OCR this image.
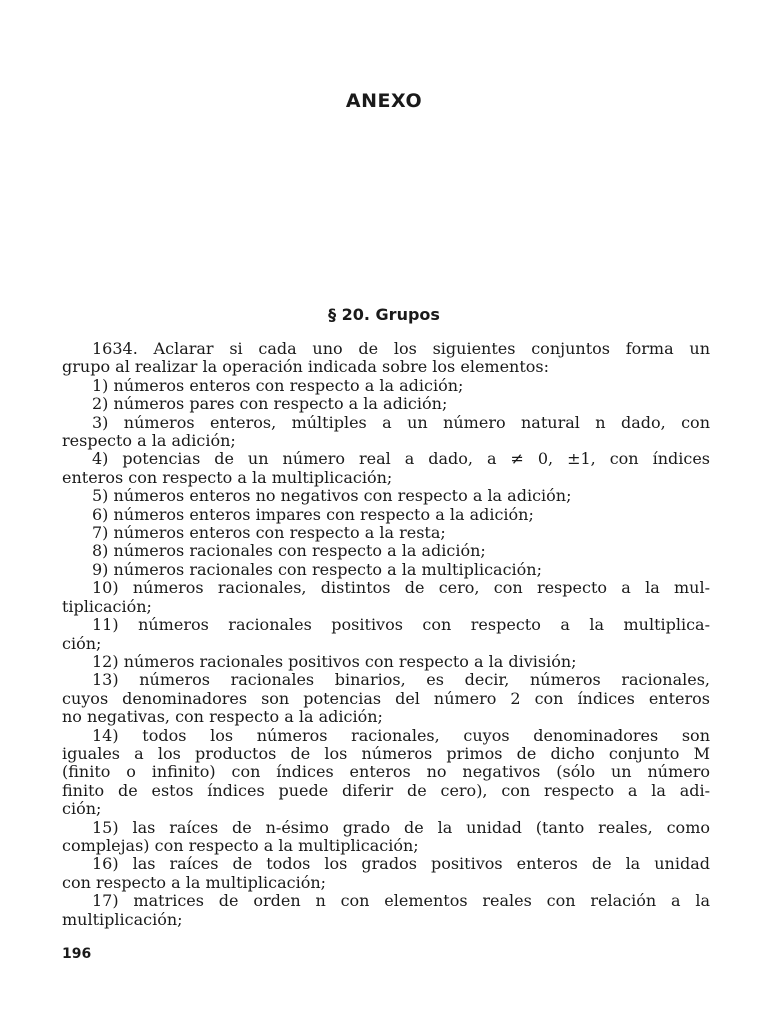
ANEXO
§ 20. Grupos
1634. Aclarar si cada uno de los siguientes conjuntos forma un
grupo al realizar la operación indicada sobre los elementos:
1) números enteros con respecto a la adición;
2) números pares con respecto a la adición;
3) números enteros, múltiples a un número natural n dado, con
respecto a la adición;
4) potencias de un número real a dado, a ≠ 0, ±1, con índices
enteros con respecto a la multiplicación;
5) números enteros no negativos con respecto a la adición;
6) números enteros impares con respecto a la adición;
7) números enteros con respecto a la resta;
8) números racionales con respecto a la adición;
9) números racionales con respecto a la multiplicación;
10) números racionales, distintos de cero, con respecto a la mul-
tiplicación;
11) números racionales positivos con respecto a la multiplica-
ción;
12) números racionales positivos con respecto a la división;
13) números racionales binarios, es decir, números racionales,
cuyos denominadores son potencias del número 2 con índices enteros
no negativas, con respecto a la adición;
14) todos los números racionales, cuyos denominadores son
iguales a los productos de los números primos de dicho conjunto M
(finito o infinito) con índices enteros no negativos (sólo un número
finito de estos índices puede diferir de cero), con respecto a la adi-
ción;
15) las raíces de n-ésimo grado de la unidad (tanto reales, como
complejas) con respecto a la multiplicación;
16) las raíces de todos los grados positivos enteros de la unidad
con respecto a la multiplicación;
17) matrices de orden n con elementos reales con relación a la
multiplicación;
196
